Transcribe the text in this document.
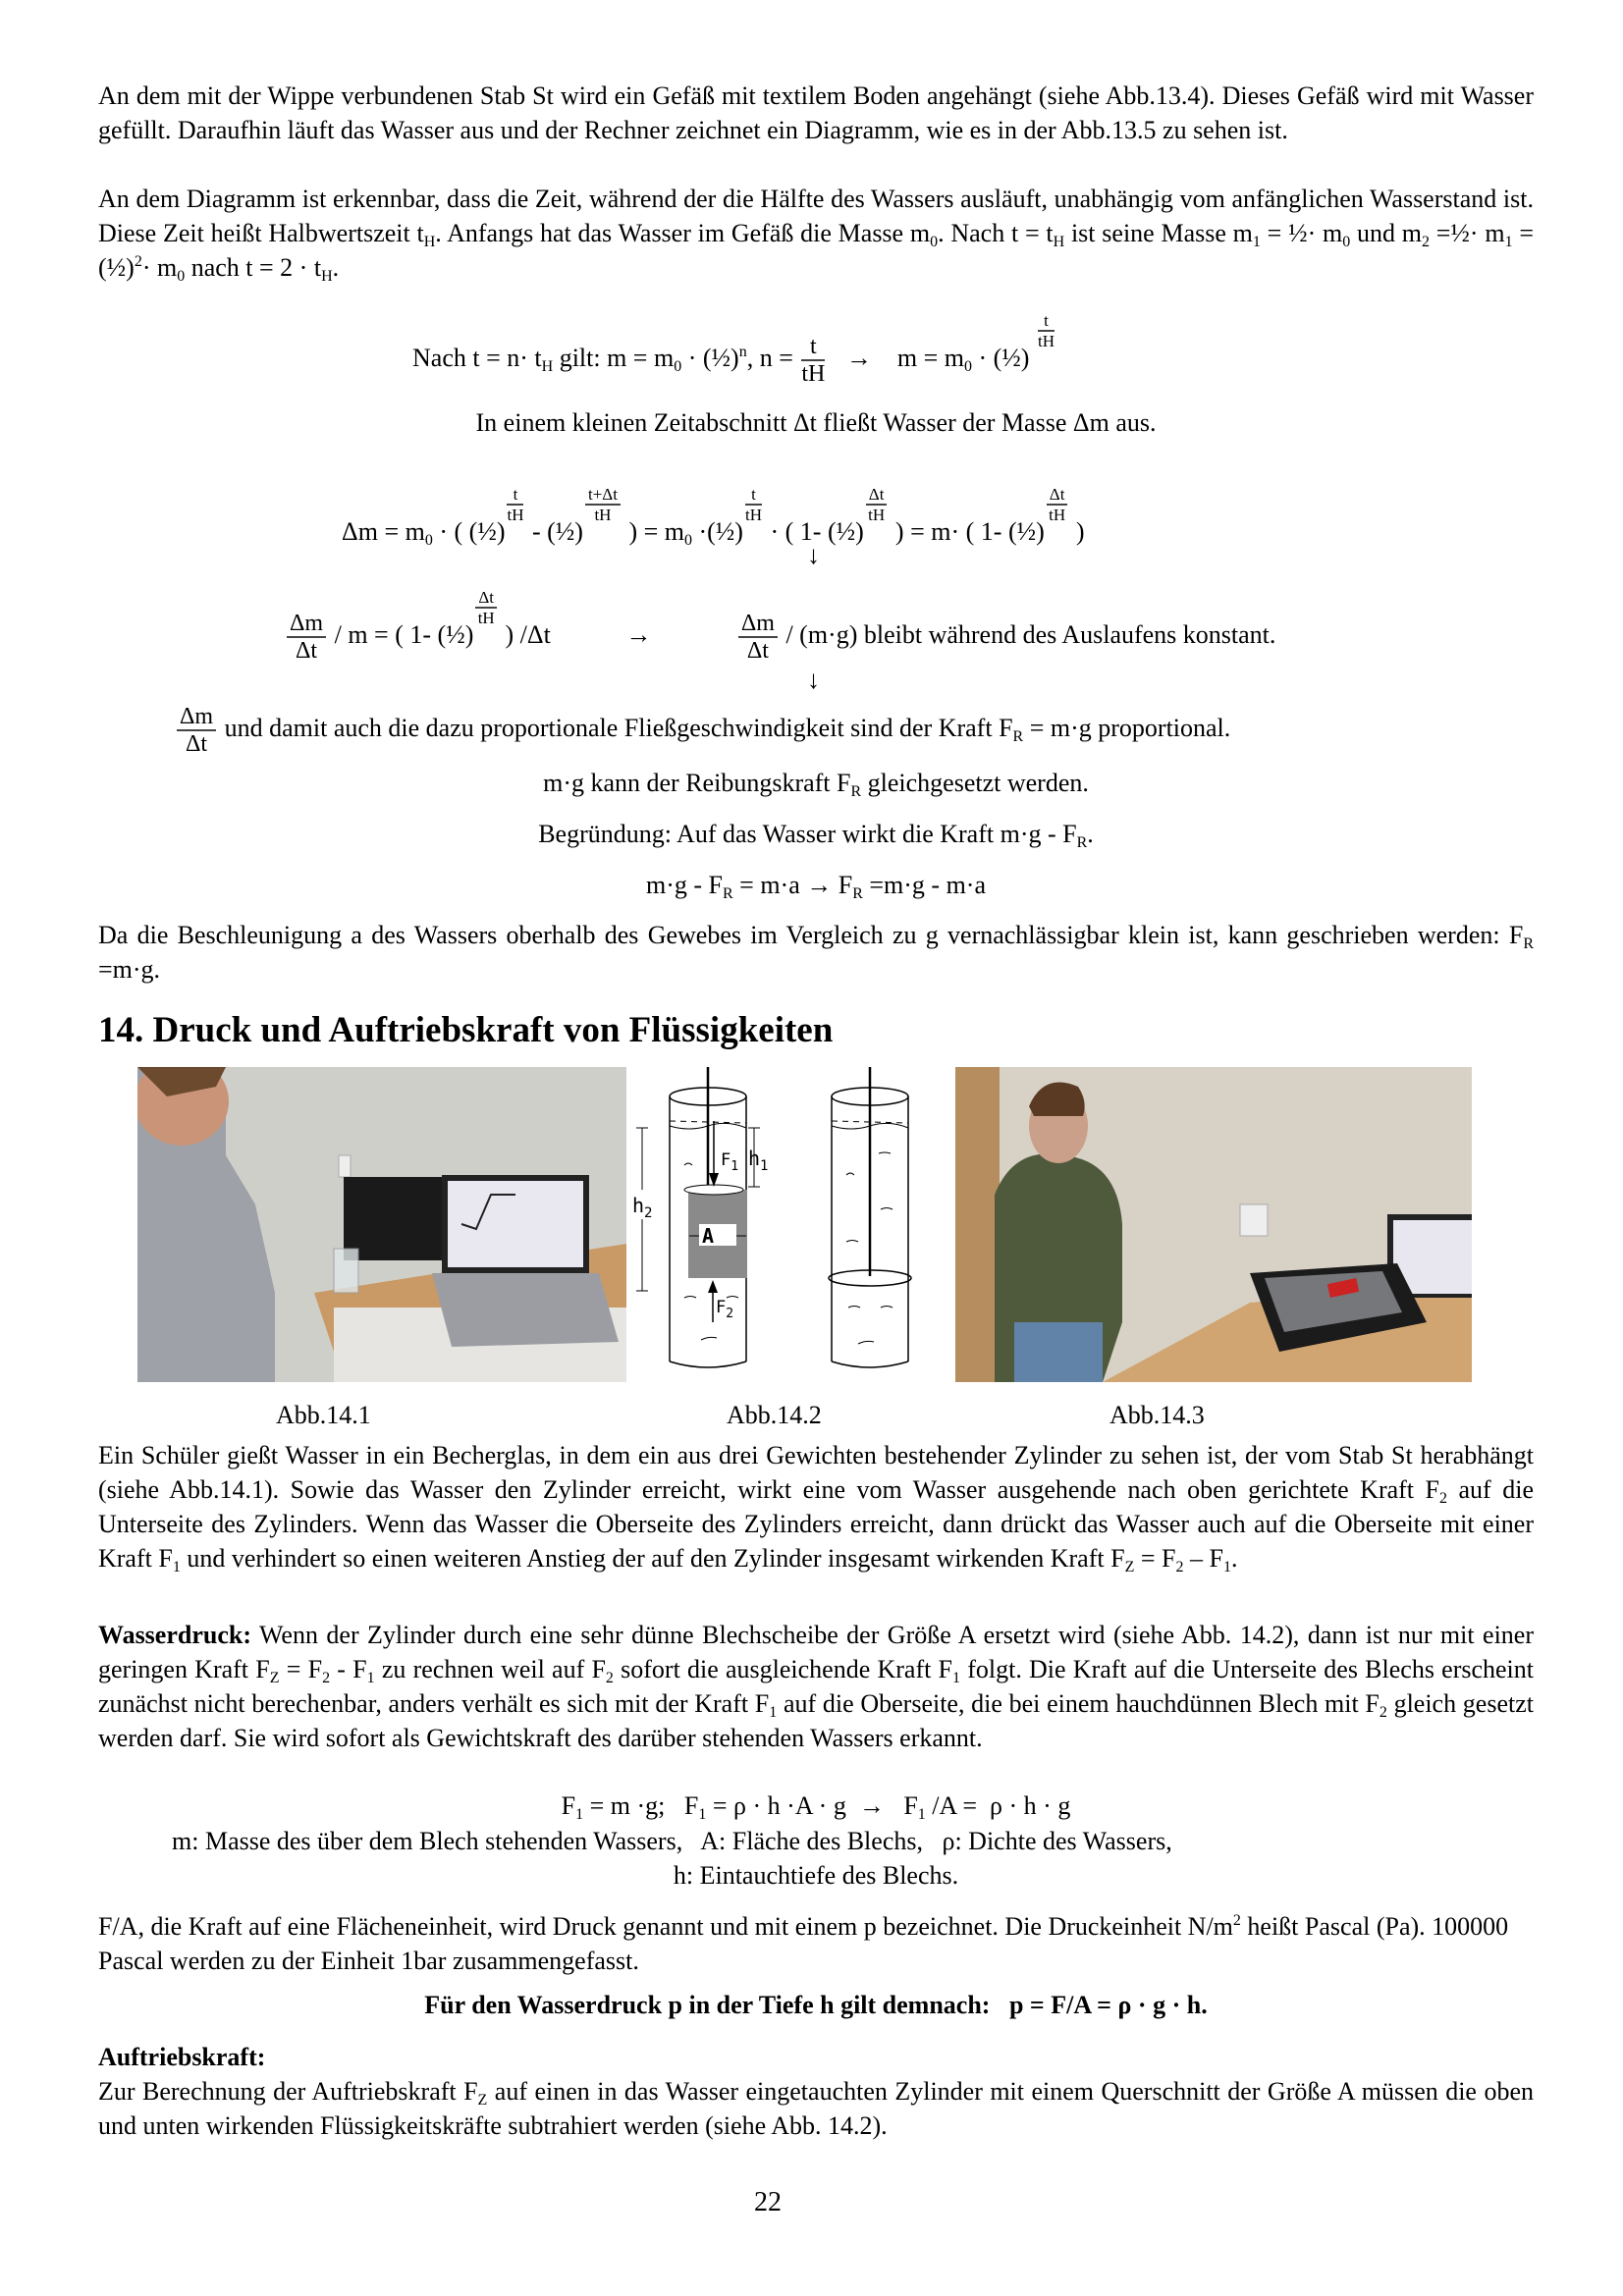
An dem mit der Wippe verbundenen Stab St wird ein Gefäß mit textilem Boden angehängt (siehe Abb.13.4). Dieses Gefäß wird mit Wasser gefüllt. Daraufhin läuft das Wasser aus und der Rechner zeichnet ein Diagramm, wie es in der Abb.13.5 zu sehen ist.

An dem Diagramm ist erkennbar, dass die Zeit, während der die Hälfte des Wassers ausläuft, unabhängig vom anfänglichen Wasserstand ist. Diese Zeit heißt Halbwertszeit $t_H$. Anfangs hat das Wasser im Gefäß die Masse $m_0$. Nach $t = t_H$ ist seine Masse $m_1$ = ½· $m_0$ und $m_2$ =½· $m_1$ = (½)$^2$· $m_0$ nach $t = 2 \cdot t_H$.

Nach $t = n\cdot t_H$ gilt: $m = m_0$ · (½)$^n$, $n = \frac{t}{tH} \to m = m_0$ · (½)
$\frac{t}{tH}$
In einem kleinen Zeitabschnitt Δt fließt Wasser der Masse Δm aus.
$\Delta m = m_0$ · ( (½)
$\frac{t}{tH}$
- (½)
$\frac{t+\Delta t}{tH}$
) = $m_0$ ·(½)
$\frac{t}{tH}$
· ( 1- (½)
$\frac{\Delta t}{tH}$
) = m· ( 1- (½)
$\frac{\Delta t}{tH}$
)
↓
$\frac{\Delta m}{\Delta t}$ / m = ( 1- (½)
$\frac{\Delta t}{tH}$
) /Δt	→	$\frac{\Delta m}{\Delta t} / (m\cdot g)$ bleibt während des Auslaufens konstant.
↓
$\frac{\Delta m}{\Delta t}$ und damit auch die dazu proportionale Fließgeschwindigkeit sind der Kraft $F_R = m\cdot g$ proportional.
m·g kann der Reibungskraft $F_R$ gleichgesetzt werden.
Begründung: Auf das Wasser wirkt die Kraft $m\cdot g - F_R$.
$m\cdot g - F_R = m\cdot a \to F_R =m\cdot g - m\cdot a$

Da die Beschleunigung a des Wassers oberhalb des Gewebes im Vergleich zu g vernachlässigbar klein ist, kann geschrieben werden: $F_R =m\cdot g$.

14. Druck und Auftriebskraft von Flüssigkeiten
A
$F_1$
$F_2$
$h_2$
$h_1$
Abb.14.1	Abb.14.2	Abb.14.3

Ein Schüler gießt Wasser in ein Becherglas, in dem ein aus drei Gewichten bestehender Zylinder zu sehen ist, der vom Stab St herabhängt (siehe Abb.14.1). Sowie das Wasser den Zylinder erreicht, wirkt eine vom Wasser ausgehende nach oben gerichtete Kraft $F_2$ auf die Unterseite des Zylinders. Wenn das Wasser die Oberseite des Zylinders erreicht, dann drückt das Wasser auch auf die Oberseite mit einer Kraft $F_1$ und verhindert so einen weiteren Anstieg der auf den Zylinder insgesamt wirkenden Kraft $F_Z = F_2 - F_1$.

Wasserdruck: Wenn der Zylinder durch eine sehr dünne Blechscheibe der Größe A ersetzt wird (siehe Abb. 14.2), dann ist nur mit einer geringen Kraft $F_Z = F_2 - F_1$ zu rechnen weil auf $F_2$ sofort die ausgleichende Kraft $F_1$ folgt. Die Kraft auf die Unterseite des Blechs erscheint zunächst nicht berechenbar, anders verhält es sich mit der Kraft $F_1$ auf die Oberseite, die bei einem hauchdünnen Blech mit $F_2$ gleich gesetzt werden darf. Sie wird sofort als Gewichtskraft des darüber stehenden Wassers erkannt.

$F_1 = m \cdot g$;   $F_1 = \rho \cdot h \cdot A \cdot g \to F_1$ /A =  ρ · h · g
m: Masse des über dem Blech stehenden Wassers,   A: Fläche des Blechs,   ρ: Dichte des Wassers,
h: Eintauchtiefe des Blechs.

F/A, die Kraft auf eine Flächeneinheit, wird Druck genannt und mit einem p bezeichnet. Die Druckeinheit $N/m^2$ heißt Pascal (Pa). 100000 Pascal werden zu der Einheit 1bar zusammengefasst.

Für den Wasserdruck p in der Tiefe h gilt demnach:   p = F/A = ρ · g · h.
Auftriebskraft:

Zur Berechnung der Auftriebskraft $F_Z$ auf einen in das Wasser eingetauchten Zylinder mit einem Querschnitt der Größe A müssen die oben und unten wirkenden Flüssigkeitskräfte subtrahiert werden (siehe Abb. 14.2).

22
